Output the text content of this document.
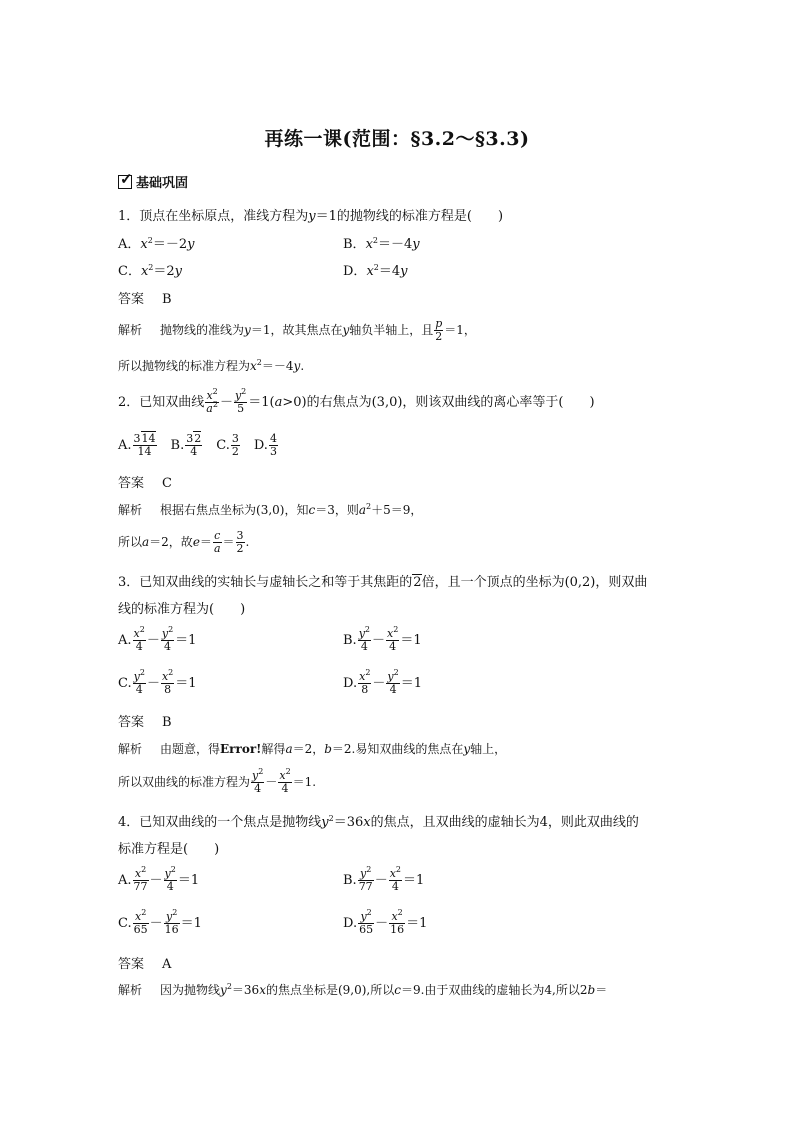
再练一课(范围：§3.2～§3.3)
✓
基础巩固
1．顶点在坐标原点，准线方程为y＝1的抛物线的标准方程是(　　)
A．$x^2=-2y$	B．$x^2=-4y$
C．$x^2=2y$	D．$x^2=4y$
答案 B
解析 抛物线的准线为y＝1，故其焦点在y轴负半轴上，且 $\frac{p}{2} =1$，
所以抛物线的标准方程为$x^2=-4y$.
2．已知双曲线 $\frac{x^2}{a^2} - \frac{y^2}{5} =1(a>0)$的右焦点为(3,0)，则该双曲线的离心率等于(　　)
A. $\frac{314}{14}$ 　B. $\frac{32}{4}$ 　C. $\frac{3}{2}$ 　D. $\frac{4}{3}$
答案 C
解析 根据右焦点坐标为(3,0)，知c＝3，则$a^2+5=9$，
所以a＝2，故$e= \frac{c}{a} = \frac{3}{2}$ .
3．已知双曲线的实轴长与虚轴长之和等于其焦距的2倍，且一个顶点的坐标为(0,2)，则双曲
线的标准方程为(　　)
A. $\frac{x^2}{4} - \frac{y^2}{4} =1$	B. $\frac{y^2}{4} - \frac{x^2}{4} =1$
C. $\frac{y^2}{4} - \frac{x^2}{8} =1$	D. $\frac{x^2}{8} - \frac{y^2}{4} =1$
答案 B
解析 由题意，得Error!解得a＝2，b＝2.易知双曲线的焦点在y轴上，
所以双曲线的标准方程为 $\frac{y^2}{4} - \frac{x^2}{4} =1$.
4．已知双曲线的一个焦点是抛物线$y^2=36x$的焦点，且双曲线的虚轴长为4，则此双曲线的
标准方程是(　　)
A. $\frac{x^2}{77} - \frac{y^2}{4} =1$	B. $\frac{y^2}{77} - \frac{x^2}{4} =1$
C. $\frac{x^2}{65} - \frac{y^2}{16} =1$	D. $\frac{y^2}{65} - \frac{x^2}{16} =1$
答案 A
解析 因为抛物线$y^2=36x$的焦点坐标是(9,0),所以c＝9.由于双曲线的虚轴长为4,所以2b＝
